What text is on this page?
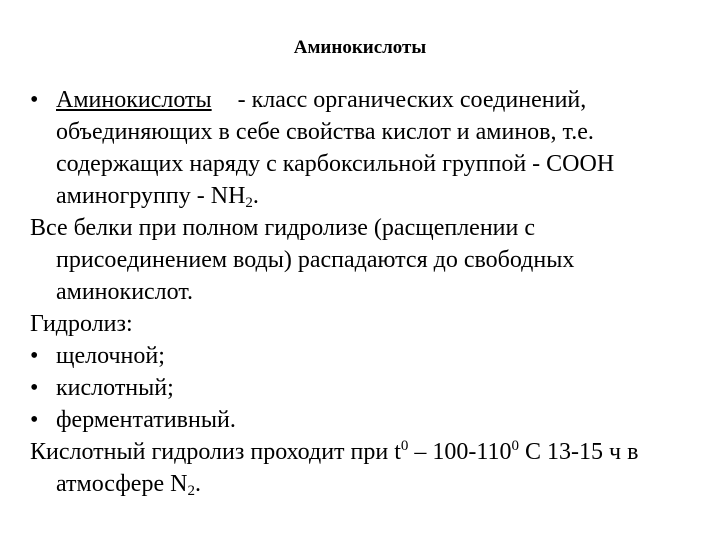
Аминокислоты

• Аминокислоты - класс органических соединений, объединяющих в себе свойства кислот и аминов, т.е. содержащих наряду с карбоксильной группой - СООН аминогруппу - $NH_2$.

Все белки при полном гидролизе (расщеплении с присоединением воды) распадаются до свободных аминокислот.

Гидролиз:

• щелочной;

• кислотный;

• ферментативный.

Кислотный гидролиз проходит при $t^0 - 100-110^0$ С 13-15 ч в атмосфере $N_2$.
